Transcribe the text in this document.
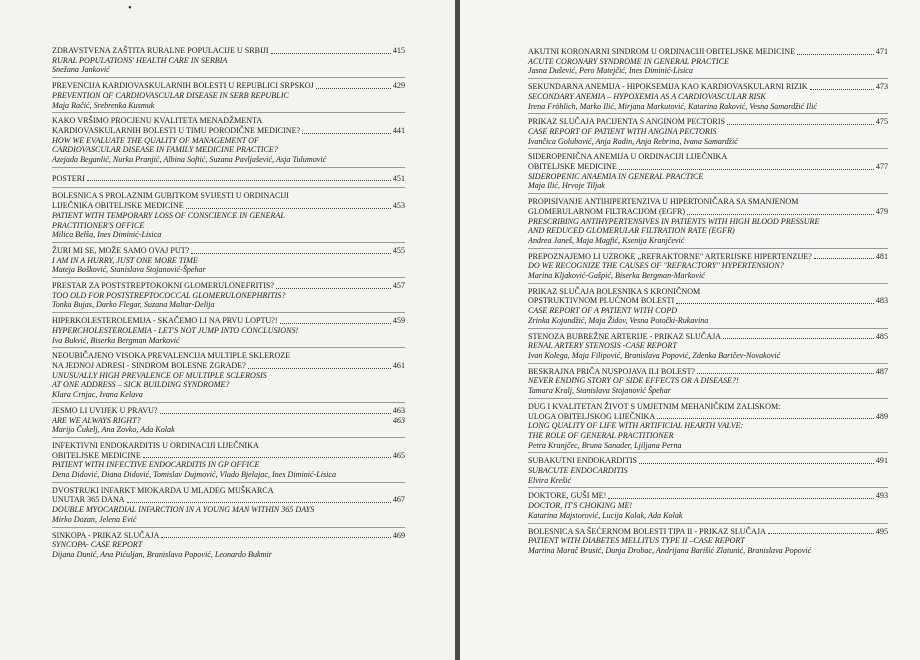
•
ZDRAVSTVENA ZAŠTITA RURALNE POPULACIJE U SRBIJI	415
RURAL POPULATIONS' HEALTH CARE IN SERBIA
Snežana Janković
PREVENCIJA KARDIOVASKULARNIH BOLESTI U REPUBLICI SRPSKOJ	429
PREVENTION OF CARDIOVASCULAR DISEASE IN SERB REPUBLIC
Maja Račić, Srebrenka Kusmuk
KAKO VRŠIMO PROCJENU KVALITETA MENADŽMENTA
KARDIOVASKULARNIH BOLESTI U TIMU PORODIČNE MEDICINE?	441
HOW WE EVALUATE THE QUALITY OF MANAGEMENT OF
CARDIOVASCULAR DISEASE IN FAMILY MEDICINE PRACTICE?
Azejada Beganlić, Nurka Pranjić, Albina Softić, Suzana Pavljašević, Asja Tulumović
POSTERI	451
BOLESNICA S PROLAZNIM GUBITKOM SVIJESTI U ORDINACIJI
LIJEČNIKA OBITELJSKE MEDICINE	453
PATIENT WITH TEMPORARY LOSS OF CONSCIENCE IN GENERAL
PRACTITIONER'S OFFICE
Milica Belša, Ines Diminić-Lisica
ŽURI MI SE, MOŽE SAMO OVAJ PUT?	455
I AM IN A HURRY, JUST ONE MORE TIME
Mateja Bošković, Stanislava Stojanović-Špehar
PRESTAR ZA POSTSTREPTOKOKNI GLOMERULONEFRITIS?	457
TOO OLD FOR POSTSTREPTOCOCCAL GLOMERULONEPHRITIS?
Tonka Bujas, Darko Flegar, Suzana Maltar-Delija
HIPERKOLESTEROLEMIJA - SKAČEMO LI NA PRVU LOPTU?!	459
HYPERCHOLESTEROLEMIA - LET'S NOT JUMP INTO CONCLUSIONS!
Iva Bukvić, Biserka Bergman Marković
NEOUBIČAJENO VISOKA PREVALENCIJA MULTIPLE SKLEROZE
NA JEDNOJ ADRESI - SINDROM BOLESNE ZGRADE?	461
UNUSUALLY HIGH PREVALENCE OF MULTIPLE SCLEROSIS
AT ONE ADDRESS – SICK BUILDING SYNDROME?
Klara Crnjac, Ivana Kelava
JESMO LI UVIJEK U PRAVU?	463
ARE WE ALWAYS RIGHT?	463
Marijo Čukelj, Ana Zovko, Ada Kolak
INFEKTIVNI ENDOKARDITIS U ORDINACIJI LIJEČNIKA
OBITELJSKE MEDICINE	465
PATIENT WITH INFECTIVE ENDOCARDITIS IN GP OFFICE
Dena Didović, Diana Didović, Tomislav Dujmović, Vlado Bjelajac, Ines Diminić-Lisica
DVOSTRUKI INFARKT MIOKARDA U MLADEG MUŠKARCA
UNUTAR 365 DANA	467
DOUBLE MYOCARDIAL INFARCTION IN A YOUNG MAN WITHIN 365 DAYS
Mirko Dozan, Jelena Ević
SINKOPA - PRIKAZ SLUČAJA	469
SYNCOPA- CASE REPORT
Dijana Dunić, Ana Pićuljan, Branislava Popović, Leonardo Bukmir
AKUTNI KORONARNI SINDROM U ORDINACIJI OBITELJSKE MEDICINE	471
ACUTE CORONARY SYNDROME IN GENERAL PRACTICE
Jasna Dušević, Pero Matejčić, Ines Diminić-Lisica
SEKUNDARNA ANEMIJA - HIPOKSEMIJA KAO KARDIOVASKULARNI RIZIK	473
SECONDARY ANEMIA – HYPOXEMIA AS A CARDIOVASCULAR RISK
Irena Fröhlich, Marko Ilić, Mirjana Markutović, Katarina Raković, Vesna Samardžić Ilić
PRIKAZ SLUČAJA PACIJENTA S ANGINOM PECTORIS	475
CASE REPORT OF PATIENT WITH ANGINA PECTORIS
Ivančica Golubović, Anja Radin, Anja Rebrina, Ivana Samardžić
SIDEROPENIČNA ANEMIJA U ORDINACIJI LIJEČNIKA
OBITELJSKE MEDICINE	477
SIDEROPENIC ANAEMIA IN GENERAL PRACTICE
Maja Ilić, Hrvoje Tiljak
PROPISIVANJE ANTIHIPERTENZIVA U HIPERTONIČARA SA SMANJENOM
GLOMERULARNOM FILTRACIJOM (EGFR)	479
PRESCRIBING ANTIHYPERTENSIVES IN PATIENTS WITH HIGH BLOOD PRESSURE
AND REDUCED GLOMERULAR FILTRATION RATE (EGFR)
Andrea Janeš, Maja Magfić, Ksenija Kranjčević
PREPOZNAJEMO LI UZROKE „REFRAKTORNE" ARTERIJSKE HIPERTENZIJE?	481
DO WE RECOGNIZE THE CAUSES OF "REFRACTORY" HYPERTENSION?
Marina Kljaković-Gašpić, Biserka Bergman-Marković
PRIKAZ SLUČAJA BOLESNIKA S KRONIČNOM
OPSTRUKTIVNOM PLUĆNOM BOLESTI	483
CASE REPORT OF A PATIENT WITH COPD
Zrinka Kojundžić, Maja Židov, Vesna Potočki-Rukavina
STENOZA BUBREŽNE ARTERIJE - PRIKAZ SLUČAJA	485
RENAL ARTERY STENOSIS -CASE REPORT
Ivan Kolega, Maja Filipović, Branislava Popović, Zdenka Baričev-Novaković
BESKRAJNA PRIČA NUSPOJAVA ILI BOLEST?	487
NEVER ENDING STORY OF SIDE EFFECTS OR A DISEASE?!
Tamara Kralj, Stanislava Stojanović Špehar
DUG I KVALITETAN ŽIVOT S UMJETNIM MEHANIČKIM ZALISKOM:
ULOGA OBITELJSKOG LIJEČNIKA	489
LONG QUALITY OF LIFE WITH ARTIFICIAL HEARTH VALVE:
THE ROLE OF GENERAL PRACTITIONER
Petra Kranjčec, Bruna Sanader, Ljiljana Perna
SUBAKUTNI ENDOKARDITIS	491
SUBACUTE ENDOCARDITIS
Elvira Krešić
DOKTORE, GUŠI ME!	493
DOCTOR, IT'S CHOKING ME!
Katarina Majstorović, Lucija Kolak, Ada Kolak
BOLESNICA SA ŠEĆERNOM BOLESTI TIPA II - PRIKAZ SLUČAJA	495
PATIENT WITH DIABETES MELLITUS TYPE II –CASE REPORT
Martina Marač Brusić, Dunja Drobac, Andrijana Barišić Zlatunić, Branislava Popović
